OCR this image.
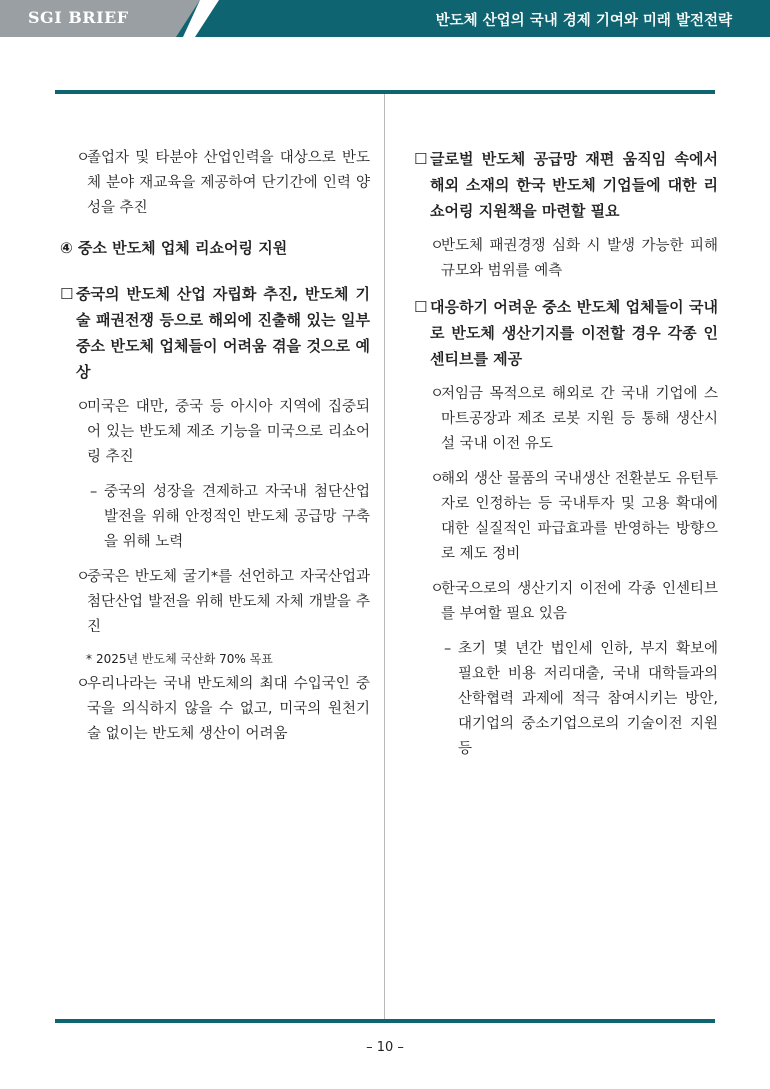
SGI BRIEF	반도체 산업의 국내 경제 기여와 미래 발전전략
ㅇ
졸업자 및 타분야 산업인력을 대상으로 반도체 분야 재교육을 제공하여 단기간에 인력 양성을 추진
④ 중소 반도체 업체 리쇼어링 지원
☐ 중국의 반도체 산업 자립화 추진, 반도체 기술 패권전쟁 등으로 해외에 진출해 있는 일부 중소 반도체 업체들이 어려움 겪을 것으로 예상
ㅇ
미국은 대만, 중국 등 아시아 지역에 집중되어 있는 반도체 제조 기능을 미국으로 리쇼어링 추진
– 중국의 성장을 견제하고 자국내 첨단산업 발전을 위해 안정적인 반도체 공급망 구축을 위해 노력
ㅇ
중국은 반도체 굴기*를 선언하고 자국산업과 첨단산업 발전을 위해 반도체 자체 개발을 추진
* 2025년 반도체 국산화 70% 목표
ㅇ
우리나라는 국내 반도체의 최대 수입국인 중국을 의식하지 않을 수 없고, 미국의 원천기술 없이는 반도체 생산이 어려움
☐ 글로벌 반도체 공급망 재편 움직임 속에서 해외 소재의 한국 반도체 기업들에 대한 리쇼어링 지원책을 마련할 필요
ㅇ
반도체 패권경쟁 심화 시 발생 가능한 피해 규모와 범위를 예측
☐ 대응하기 어려운 중소 반도체 업체들이 국내로 반도체 생산기지를 이전할 경우 각종 인센티브를 제공
ㅇ
저임금 목적으로 해외로 간 국내 기업에 스마트공장과 제조 로봇 지원 등 통해 생산시설 국내 이전 유도
ㅇ
해외 생산 물품의 국내생산 전환분도 유턴투자로 인정하는 등 국내투자 및 고용 확대에 대한 실질적인 파급효과를 반영하는 방향으로 제도 정비
ㅇ
한국으로의 생산기지 이전에 각종 인센티브를 부여할 필요 있음
– 초기 몇 년간 법인세 인하, 부지 확보에 필요한 비용 저리대출, 국내 대학들과의 산학협력 과제에 적극 참여시키는 방안, 대기업의 중소기업으로의 기술이전 지원 등
– 10 –
